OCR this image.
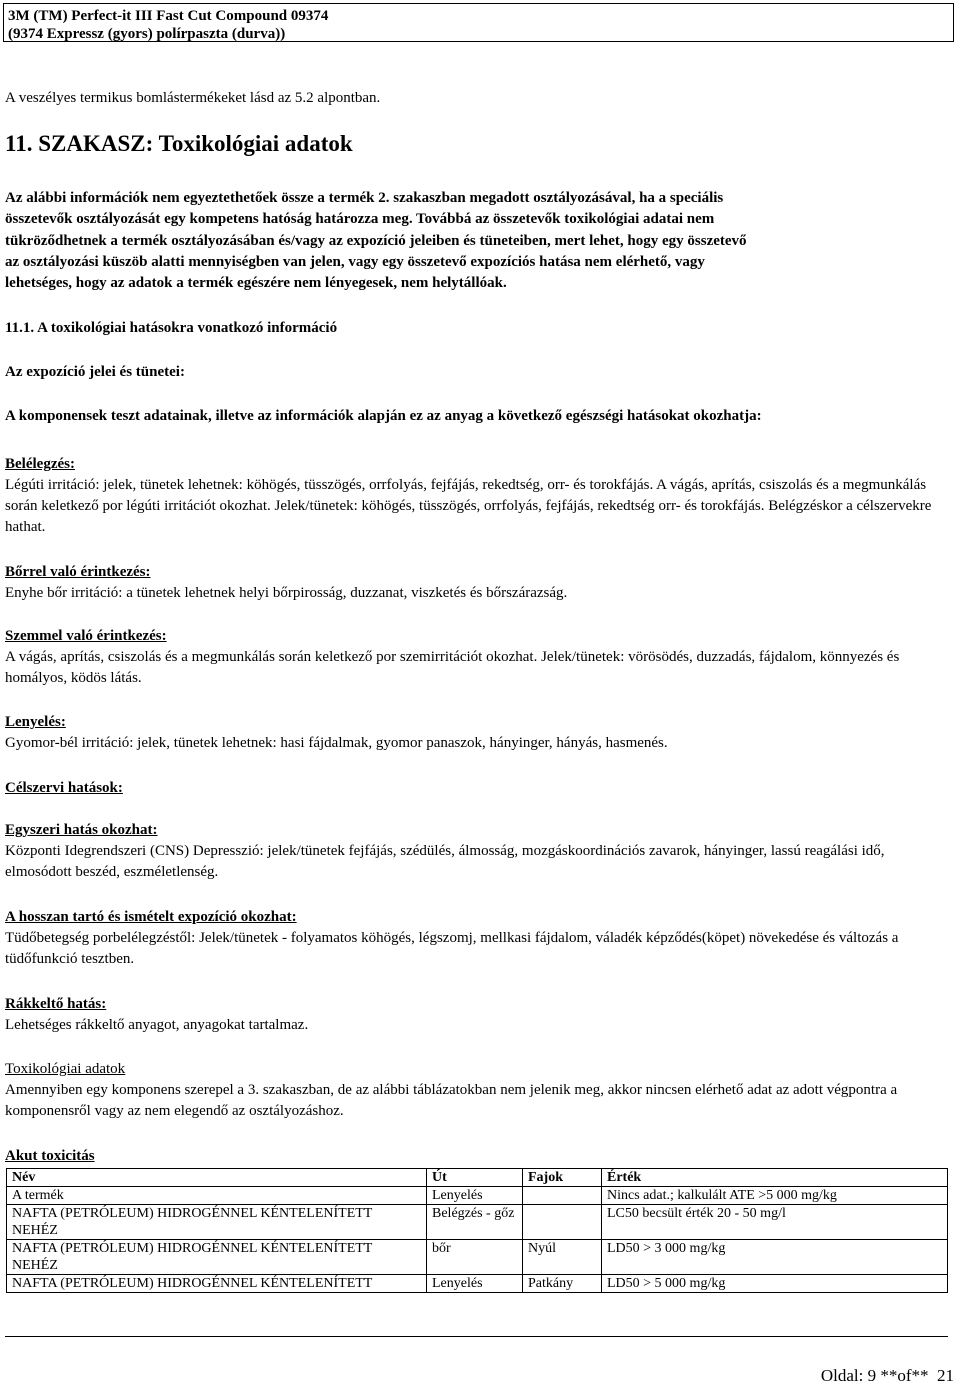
3M (TM) Perfect-it III Fast Cut Compound 09374
(9374 Expressz (gyors) polírpaszta (durva))
A veszélyes termikus bomlástermékeket lásd az 5.2 alpontban.
11. SZAKASZ: Toxikológiai adatok
Az alábbi információk nem egyeztethetőek össze a termék 2. szakaszban megadott osztályozásával, ha a speciális
összetevők osztályozását egy kompetens hatóság határozza meg. Továbbá az összetevők toxikológiai adatai nem
tükröződhetnek a termék osztályozásában és/vagy az expozíció jeleiben és tüneteiben, mert lehet, hogy egy összetevő
az osztályozási küszöb alatti mennyiségben van jelen, vagy egy összetevő expozíciós hatása nem elérhető, vagy
lehetséges, hogy az adatok a termék egészére nem lényegesek, nem helytállóak.
11.1. A toxikológiai hatásokra vonatkozó információ
Az expozíció jelei és tünetei:
A komponensek teszt adatainak, illetve az információk alapján ez az anyag a következő egészségi hatásokat okozhatja:
Belélegzés:

Légúti irritáció: jelek, tünetek lehetnek: köhögés, tüsszögés, orrfolyás, fejfájás, rekedtség, orr- és torokfájás. A vágás, aprítás, csiszolás és a megmunkálás során keletkező por légúti irritációt okozhat. Jelek/tünetek: köhögés, tüsszögés, orrfolyás, fejfájás, rekedtség orr- és torokfájás. Belégzéskor a célszervekre hathat.

Bőrrel való érintkezés:

Enyhe bőr irritáció: a tünetek lehetnek helyi bőrpirosság, duzzanat, viszketés és bőrszárazság.

Szemmel való érintkezés:

A vágás, aprítás, csiszolás és a megmunkálás során keletkező por szemirritációt okozhat. Jelek/tünetek: vörösödés, duzzadás, fájdalom, könnyezés és homályos, ködös látás.

Lenyelés:

Gyomor-bél irritáció: jelek, tünetek lehetnek: hasi fájdalmak, gyomor panaszok, hányinger, hányás, hasmenés.

Célszervi hatások:
Egyszeri hatás okozhat:

Központi Idegrendszeri (CNS) Depresszió: jelek/tünetek fejfájás, szédülés, álmosság, mozgáskoordinációs zavarok, hányinger, lassú reagálási idő, elmosódott beszéd, eszméletlenség.

A hosszan tartó és ismételt expozíció okozhat:

Tüdőbetegség porbelélegzéstől: Jelek/tünetek - folyamatos köhögés, légszomj, mellkasi fájdalom, váladék képződés(köpet) növekedése és változás a tüdőfunkció tesztben.

Rákkeltő hatás:

Lehetséges rákkeltő anyagot, anyagokat tartalmaz.

Toxikológiai adatok

Amennyiben egy komponens szerepel a 3. szakaszban, de az alábbi táblázatokban nem jelenik meg, akkor nincsen elérhető adat az adott végpontra a komponensről vagy az nem elegendő az osztályozáshoz.

Akut toxicitás
Név	Út	Fajok	Érték
A termék	Lenyelés		Nincs adat.; kalkulált ATE >5 000 mg/kg
NAFTA (PETRÓLEUM) HIDROGÉNNEL KÉNTELENÍTETT NEHÉZ	Belégzés - gőz		LC50 becsült érték 20 - 50 mg/l
NAFTA (PETRÓLEUM) HIDROGÉNNEL KÉNTELENÍTETT NEHÉZ	bőr	Nyúl	LD50 > 3 000 mg/kg
NAFTA (PETRÓLEUM) HIDROGÉNNEL KÉNTELENÍTETT	Lenyelés	Patkány	LD50 > 5 000 mg/kg
Oldal: 9 **of**  21
